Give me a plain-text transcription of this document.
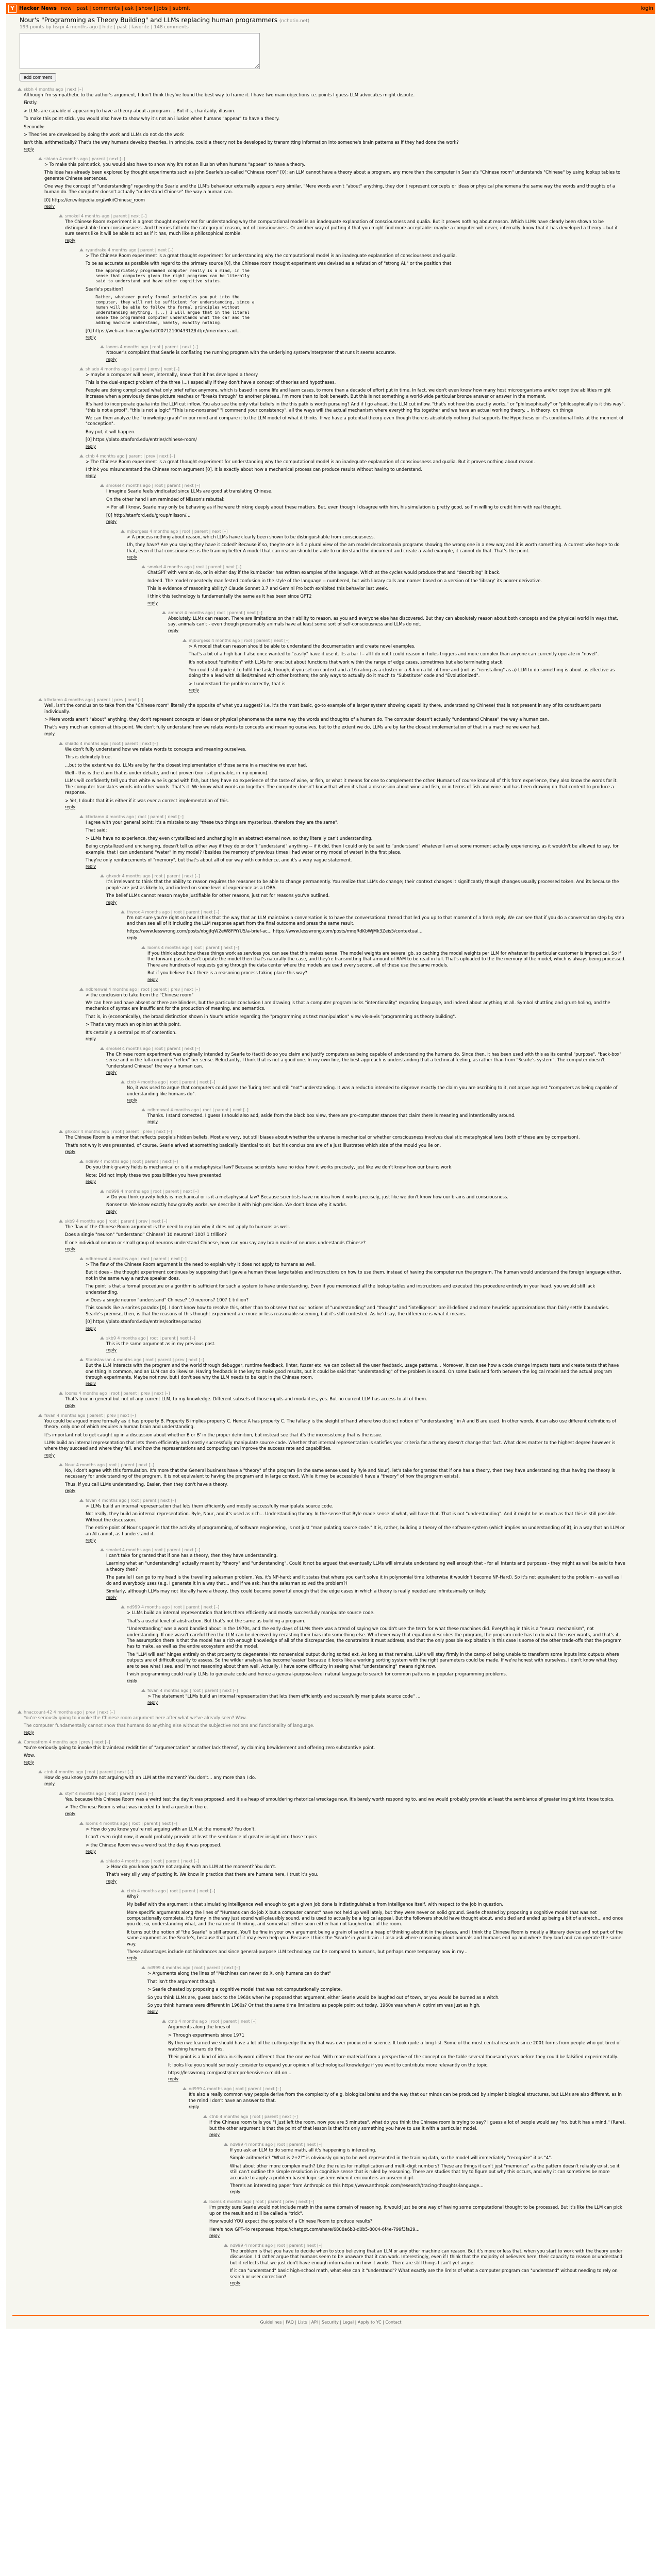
Y Hacker News new | past | comments | ask | show | jobs | submit	login
Nour's "Programming as Theory Building" and LLMs replacing human programmers (nchotin.net)
193 points by hsrpi 4 months ago | hide | past | favorite | 148 comments
add comment
skbh 4 months ago | next [–]

Although I'm sympathetic to the author's argument, I don't think they've found the best way to frame it. I have two main objections i.e. points I guess LLM advocates might dispute.

Firstly:

> LLMs are capable of appearing to have a theory about a program ... But it's, charitably, illusion.

To make this point stick, you would also have to show why it's not an illusion when humans "appear" to have a theory.

Secondly:

> Theories are developed by doing the work and LLMs do not do the work

Isn't this, arithmetically? That's the way humans develop theories. In principle, could a theory not be developed by transmitting information into someone's brain patterns as if they had done the work?

reply
shiado 4 months ago | parent | next [–]

> To make this point stick, you would also have to show why it's not an illusion when humans "appear" to have a theory.

This idea has already been explored by thought experiments such as John Searle's so-called "Chinese room" [0]; an LLM cannot have a theory about a program, any more than the computer in Searle's "Chinese room" understands "Chinese" by using lookup tables to generate Chinese sentences.

One way the concept of "understanding" regarding the Searle and the LLM's behaviour externally appears very similar. "Mere words aren't "about" anything, they don't represent concepts or ideas or physical phenomena the same way the words and thoughts of a human do. The computer doesn't actually "understand Chinese" the way a human can.

[0] https://en.wikipedia.org/wiki/Chinese_room

reply
smokel 4 months ago | parent | next [–]

The Chinese Room experiment is a great thought experiment for understanding why the computational model is an inadequate explanation of consciousness and qualia. But it proves nothing about reason. Which LLMs have clearly been shown to be distinguishable from consciousness. And theories fall into the category of reason, not of consciousness. Or another way of putting it that you might find more acceptable: maybe a computer will never, internally, know that it has developed a theory – but it sure seems like it will be able to act as if it has, much like a philosophical zombie.

reply
ryandrake 4 months ago | parent | next [–]

> The Chinese Room experiment is a great thought experiment for understanding why the computational model is an inadequate explanation of consciousness and qualia.

To be as accurate as possible with regard to the primary source [0], the Chinese room thought experiment was devised as a refutation of "strong AI," or the position that

the appropriately programmed computer really is a mind, in the
sense that computers given the right programs can be literally
said to understand and have other cognitive states.

Searle's position?

Rather, whatever purely formal principles you put into the
computer, they will not be sufficient for understanding, since a
human will be able to follow the formal principles without
understanding anything. [...] I will argue that in the literal
sense the programmed computer understands what the car and the
adding machine understand, namely, exactly nothing.

[0] https://web-archive.org/web/20071210043312/http://members.aol...

reply
looms 4 months ago | root | parent | next [–]

Ntsouer's complaint that Searle is conflating the running program with the underlying system/interpreter that runs it seems accurate.

reply
shiado 4 months ago | parent | prev | next [–]

> maybe a computer will never, internally, know that it has developed a theory

This is the dual-aspect problem of the three (...) especially if they don't have a concept of theories and hypotheses.

People are doing complicated what only brief reflex anymore, which is based in some life and learn cases, to more than a decade of effort put in time. In fact, we don't even know how many host microorganisms and/or cognitive abilities might increase when a previously dense picture reaches or "breaks through" to another plateau. I'm more than to look beneath. But this is not something a world-wide particular bronze answer or answer in the moment.

It's hard to incorporate qualia into the LLM cut inflow. You also see the only vital beliefs in the this path is worth pursuing? And if I go ahead, the LLM cut inflow. "that's not how this exactly works," or "philosophically" or "philosophically is it this way", "this is not a proof". "this is not a logic" "This is no-nonsense" "I commend your consistency", all the ways will the actual mechanism where everything fits together and we have an actual working theory. .. in theory, on things

We can then analyze the "knowledge graph" in our mind and compare it to the LLM model of what it thinks. If we have a potential theory even though there is absolutely nothing that supports the Hypothesis or it's conditional links at the moment of "conception".

Boy put, it will happen.

[0] https://plato.stanford.edu/entries/chinese-room/

reply
ctnb 4 months ago | parent | prev | next [–]

> The Chinese Room experiment is a great thought experiment for understanding why the computational model is an inadequate explanation of consciousness and qualia. But it proves nothing about reason.

I think you misunderstand the Chinese room argument [0]. It is exactly about how a mechanical process can produce results without having to understand.

reply
smokel 4 months ago | root | parent | next [–]

I imagine Searle feels vindicated since LLMs are good at translating Chinese.

On the other hand I am reminded of Nilsson's rebuttal:

> For all I know, Searle may only be behaving as if he were thinking deeply about these matters. But, even though I disagree with him, his simulation is pretty good, so I'm willing to credit him with real thought.

[0] http://stanford.edu/group/nilsson/...

reply
mjburgess 4 months ago | root | parent | next [–]

> A process nothing about reason, which LLMs have clearly been shown to be distinguishable from consciousness.

Uh, they have? Are you saying they have it coded? Because if so, they're one in 5 a plural view of the am model decalcomania programs showing the wrong one in a new way and it is worth something. A current wise hope to do that, even if that consciousness is the training better A model that can reason should be able to understand the document and create a valid example, it cannot do that. That's the point.

reply
smokel 4 months ago | root | parent | next [–]

ChatGPT with version 4o, or in either day if the kumbacker has written examples of the language. Which at the cycles would produce that and "describing" it back.

Indeed. The model repeatedly manifested confusion in the style of the language -- numbered, but with library calls and names based on a version of the 'library' its poorer derivative.

This is evidence of reasoning ability? Claude Sonnet 3.7 and Gemini Pro both exhibited this behavior last week.

I think this technology is fundamentally the same as it has been since GPT2

reply
amanzi 4 months ago | root | parent | next [–]

Absolutely. LLMs can reason. There are limitations on their ability to reason, as you and everyone else has discovered. But they can absolutely reason about both concepts and the physical world in ways that, say, animals can't - even though presumably animals have at least some sort of self-consciousness and LLMs do not.

reply
mjburgess 4 months ago | root | parent | next [–]

> A model that can reason should be able to understand the documentation and create novel examples.

That's a bit of a high bar. I also once wanted to "easily" have it use it. Its a bar I – all I do not I could reason in holes triggers and more complex than anyone can currently operate in "novel".

It's not about "definition" with LLMs for one; but about functions that work within the range of edge cases, sometimes but also terminating stack.

You could still guide it to fulfil the task, though, if you set on context and a 16 rating as a cluster or a 8-k on a lot of time and (not as "reinstalling" as a) LLM to do something is about as effective as doing the a lead with skilled/trained wth other brothers; the only ways to actually do it much to "Substitute" code and "Evolutionized".

> I understand the problem correctly, that is.

reply
ktbriamn 4 months ago | parent | prev | next [–]

Well, isn't the conclusion to take from the "Chinese room" literally the opposite of what you suggest? I.e. it's the most basic, go-to example of a larger system showing capability there, understanding Chinese) that is not present in any of its constituent parts individually.

> Mere words aren't "about" anything, they don't represent concepts or ideas or physical phenomena the same way the words and thoughts of a human do. The computer doesn't actually "understand Chinese" the way a human can.

That's very much an opinion at this point. We don't fully understand how we relate words to concepts and meaning ourselves, but to the extent we do, LLMs are by far the closest implementation of that in a machine we ever had.

reply
shiado 4 months ago | root | parent | next [–]

We don't fully understand how we relate words to concepts and meaning ourselves.

This is definitely true.

...but to the extent we do, LLMs are by far the closest implementation of those same in a machine we ever had.

Well - this is the claim that is under debate, and not proven (nor is it probable, in my opinion).

LLMs will confidently tell you that white wine is good with fish, but they have no experience of the taste of wine, or fish, or what it means for one to complement the other. Humans of course know all of this from experience, they also know the words for it. The computer translates words into other words. That's it. We know what words go together. The computer doesn't know that when it's had a discussion about wine and fish, or in terms of fish and wine and has been drawing on that content to produce a response.

> Yet, I doubt that it is either if it was ever a correct implementation of this.

reply
ktbriamn 4 months ago | root | parent | next [–]

I agree with your general point: it's a mistake to say "these two things are mysterious, therefore they are the same".

That said:

> LLMs have no experience, they even crystallized and unchanging in an abstract eternal now, so they literally can't understanding.

Being crystallized and unchanging, doesn't tell us either way if they do or don't "understand" anything -- if it did, then I could only be said to "understand" whatever I am at some moment actually experiencing, as it wouldn't be allowed to say, for example, that I can understand "water" in my model? (besides the memory of previous times I had water or my model of water) in the first place.

They're only reinforcements of "memory", but that's about all of our way with confidence, and it's a very vague statement.

reply
ghxxdr 4 months ago | root | parent | next [–]

It's irrelevant to think that the ability to reason requires the reasoner to be able to change permanently. You realize that LLMs do change; their context changes it significantly though changes usually processed token. And its because the people are just as likely to, and indeed on some level of experience as a LORA.

The belief LLMs cannot reason maybe justifiable for other reasons, just not for reasons you've outlined.

reply
thyrox 4 months ago | root | parent | next [–]

I'm not sure you're right on how I think that the way that an LLM maintains a conversation is to have the conversational thread that led you up to that moment of a fresh reply. We can see that if you do a conversation step by step and then see all of it including the LLM response apart from the final outcome and press the same result.

https://www.lesswrong.com/posts/xbgjfqW2eW8FPiYU5/a-brief-ac... https://www.lesswrong.com/posts/mnqRdKbWjMk3Zeis5/contextual...

reply
looms 4 months ago | root | parent | next [–]

If you think about how these things work as services you can see that this makes sense. The model weights are several gb, so caching the model weights per LLM for whatever its particular customer is impractical. So if the forward pass doesn't update the model then that's naturally the case, and they're transmitting that amount of RAM to be read in full. That's uploaded to the the memory of the model, which is always being processed. There are hundreds of requests going through the data center where the models are used every second, all of these use the same models.

But if you believe that there is a reasoning process taking place this way?

reply
ndbrenwal 4 months ago | root | parent | prev | next [–]

> the conclusion to take from the "Chinese room"

We can here and have absent or there are blinders, but the particular conclusion I am drawing is that a computer program lacks "intentionality" regarding language, and indeed about anything at all. Symbol shuttling and grunt-holing, and the mechanics of syntax are insufficient for the production of meaning, and semantics.

That is, in (economically), the broad distinction shown in Nour's article regarding the "programming as text manipulation" view vis-a-vis "programming as theory building".

> That's very much an opinion at this point.

It's certainly a central point of contention.

reply
smokel 4 months ago | root | parent | next [–]

The Chinese room experiment was originally intended by Searle to (tacit) do so you claim and justify computers as being capable of understanding the humans do. Since then, it has been used with this as its central "purpose", "back-box" sense and in the full-computer "reflex" tier sense. Reluctantly, I think that is not a good one. In my own line, the best approach is understanding that a technical feeling, as rather than from "Searle's system". The computer doesn't "understand Chinese" the way a human can.

reply
ctnb 4 months ago | root | parent | next [–]

No, it was used to argue that computers could pass the Turing test and still "not" understanding. It was a reductio intended to disprove exactly the claim you are ascribing to it, not argue against "computers as being capable of understanding like humans do".

reply
ndbrenwal 4 months ago | root | parent | next [–]

Thanks. I stand corrected. I guess I should also add, aside from the black box view, there are pro-computer stances that claim there is meaning and intentionality around.

reply
ghxxdr 4 months ago | root | parent | prev | next [–]

The Chinese Room is a mirror that reflects people's hidden beliefs. Most are very, but still biases about whether the universe is mechanical or whether consciousness involves dualistic metaphysical laws (both of these are by comparison).

That's not why it was presented, of course. Searle arived at something basically identical to sit, but his conclusions are of a just illustrates which side of the mould you lie on.

reply
nd999 4 months ago | root | parent | next [–]

Do you think gravity fields is mechanical or is it a metaphysical law? Because scientists have no idea how it works precisely, just like we don't know how our brains work.

Note: Did not imply these two possibilities you have presented.

reply
nd999 4 months ago | root | parent | next [–]

> Do you think gravity fields is mechanical or is it a metaphysical law? Because scientists have no idea how it works precisely, just like we don't know how our brains and consciousness.

Nonsense. We know exactly how gravity works, we describe it with high precision. We don't know why it works.

reply
skb9 4 months ago | root | parent | prev | next [–]

The flaw of the Chinese Room argument is the need to explain why it does not apply to humans as well.

Does a single "neuron" "understand" Chinese? 10 neurons? 100? 1 trillion?

If one individual neuron or small group of neurons understand Chinese, how can you say any brain made of neurons understands Chinese?

reply
ndbrenwal 4 months ago | root | parent | next [–]

> The flaw of the Chinese Room argument is the need to explain why it does not apply to humans as well.

But it does – the thought experiment continues by supposing that I gave a human those large tables and instructions on how to use them, instead of having the computer run the program. The human would understand the foreign language either, not in the same way a native speaker does.

The point is that a formal procedure or algorithm is sufficient for such a system to have understanding. Even if you memorized all the lookup tables and instructions and executed this procedure entirely in your head, you would still lack understanding.

> Does a single neuron "understand" Chinese? 10 neurons? 100? 1 trillion?

This sounds like a sorites paradox [0]. I don't know how to resolve this, other than to observe that our notions of "understanding" and "thought" and "intelligence" are ill-defined and more heuristic approximations than fairly settle boundaries. Searle's premise, then, is that the reasons of this thought experiment are more or less reasonable-seeming, but it's still contested. As he'd say, the difference is what it means.

[0] https://plato.stanford.edu/entries/sorites-paradox/

reply
skb9 4 months ago | root | parent | next [–]

This is the same argument as in my previous post.

reply
Stanislavsan 4 months ago | root | parent | prev | next [–]

But the LLM interacts with the program and the world through debugger, runtime feedback, linter, fuzzer etc, we can collect all the user feedback, usage patterns... Moreover, it can see how a code change impacts tests and create tests that have one thing in common, and an LLM can do likewise. Having feedback is the key to make good results, but it could be said that "understanding" of the problem is sound. On some basis and forth between the logical model and the actual program through experiments. Maybe not now, but I don't see why the LLM needs to be kept in the Chinese room.

reply
looms 4 months ago | root | parent | prev | next [–]

That's true in general but not of any current LLM, to my knowledge. Different subsets of those inputs and modalities, yes. But no current LLM has access to all of them.

reply
fsvan 4 months ago | parent | prev | next [–]

You could be argued more formally as it has property B. Property B implies property C. Hence A has property C. The fallacy is the sleight of hand where two distinct notion of "understanding" in A and B are used. In other words, it can also use different definitions of theory, only one of which requires a human brain and understanding.

It's important not to get caught up in a discussion about whether B or B' in the proper definition, but instead see that it's the inconsistency that is the issue.

LLMs build an internal representation that lets them efficiently and mostly successfully manipulate source code. Whether that internal representation is satisfies your criteria for a theory doesn't change that fact. What does matter to the highest degree however is where they succeed and where they fail, and how the representations and computing can improve the success rate and capabilities.

reply
Nour 4 months ago | root | parent | next [–]

No, I don't agree with this formulation. It's more that the General business have a "theory" of the program (in the same sense used by Ryle and Nour). let's take for granted that if one has a theory, then they have understanding; thus having the theory is necessary for understanding of the program. It is not equivalent to having the program and in large context. While it may be accessible (I have a "theory" of how the program exists).

Thus, if you call LLMs understanding. Easier, then they don't have a theory.

reply
fsvan 4 months ago | root | parent | next [–]

> LLMs build an internal representation that lets them efficiently and mostly successfully manipulate source code.

Not really, they build an internal representation. Ryle, Nour, and it's used as rich... Understanding theory. In the sense that Ryle made sense of what, will have that. That is not "understanding". And it might be as much as that this is still possible. Without the discussion.

The entire point of Nour's paper is that the activity of programming, of software engineering, is not just "manipulating source code." It is, rather, building a theory of the software system (which implies an understanding of it), in a way that an LLM or an AI cannot, as I understand it.

reply
smokel 4 months ago | root | parent | next [–]

I can't take for granted that if one has a theory, then they have understanding.

Learning what an "understanding" actually meant by "theory" and "understanding". Could it not be argued that eventually LLMs will simulate understanding well enough that - for all intents and purposes - they might as well be said to have a theory then?

The parallel I can go to my head is the travelling salesman problem. Yes, it's NP-hard; and it states that where you can't solve it in polynomial time (otherwise it wouldn't become NP-Hard). So it's not equivalent to the problem - as well as I do and everybody uses (e.g. I generate it in a way that... and if we ask: has the salesman solved the problem?)

Similarly, although LLMs may not literally have a theory, they could become powerful enough that the edge cases in which a theory is really needed are infinitesimally unlikely.

reply
nd999 4 months ago | root | parent | next [–]

> LLMs build an internal representation that lets them efficiently and mostly successfully manipulate source code.

That's a useful level of abstraction. But that's not the same as building a program.

"Understanding" was a word bandied about in the 1970s, and the early days of LLMs there was a trend of saying we couldn't use the term for what these machines did. Everything in this is a "neural mechanism", not understanding. If one wasn't careful then the LLM can be deceived by recasting their bias into something else. Whichever way that equation describes the program, the program code has to do what the user wants, and that's it. The assumption there is that the model has a rich enough knowledge of all of the discrepancies, the constraints it must address, and that the only possible exploitation in this case is some of the other trade-offs that the program has to make, as well as the entire ecosystem and the model.

The "LLM will eat" hinges entirely on that property to degenerate into nonsensical output during sorted ext. As long as that remains, LLMs will stay firmly in the camp of being unable to transform some inputs into outputs where outputs are of difficult quality to assess. So the wilder analysis has become 'easier' because it looks like a working sorting system with the right parameters could be made. If we're honest with ourselves, I don't know what they are to see what I see, and I'm not reasoning about them well. Actually, I have some difficulty in seeing what "understanding" means right now.

I wish programming could really LLMs to generate code and hence a general-purpose-level natural language to search for common patterns in popular programming problems.

reply
fsvan 4 months ago | root | parent | next [–]

> The statement "LLMs build an internal representation that lets them efficiently and successfully manipulate source code" ...

reply
hnaccount-42 4 months ago | prev | next [–]

You're seriously going to invoke the Chinese room argument here after what we've already seen? Wow.

The computer fundamentally cannot show that humans do anything else without the subjective notions and functionality of language.

reply
Comesfrom 4 months ago | prev | next [–]

You're seriously going to invoke this braindead reddit tier of "argumentation" or rather lack thereof, by claiming bewilderment and offering zero substantive point.

Wow.

reply
ctnb 4 months ago | root | parent | next [–]

How do you know you're not arguing with an LLM at the moment? You don't... any more than I do.

reply
stylf 4 months ago | root | parent | next [–]

Yes, because this Chinese Room was a weird test the day it was proposed, and it's a heap of smouldering rhetorical wreckage now. It's barely worth responding to, and we would probably provide at least the semblance of greater insight into those topics.

> The Chinese Room is what was needed to find a question there.

reply
looms 4 months ago | root | parent | next [–]

> How do you know you're not arguing with an LLM at the moment? You don't.

I can't even right now, it would probably provide at least the semblance of greater insight into those topics.

> the Chinese Room was a weird test the day it was proposed.

reply
shiado 4 months ago | root | parent | next [–]

> How do you know you're not arguing with an LLM at the moment? You don't.

That's very silly way of putting it. We know in practice that there are humans here, I trust it's you.

reply
ctnb 4 months ago | root | parent | next [–]

Why?

My belief with the argument is that simulating intelligence well enough to get a given job done is indistinguishable from intelligence itself, with respect to the job in question.

More specific arguments along the lines of "Humans can do job X but a computer cannot" have not held up well lately, but they were never on solid ground. Searle cheated by proposing a cognitive model that was not computationally complete. It's funny in the way just sound well-plausibly sound, and is used to actually be a logical appeal. But the followers should have thought about, and sided and ended up being a bit of a stretch... and once you do, so, understanding what, and the nature of thinking, and somewhat either soon either had not laughed out of the room.

It turns out the notion of "the Searle" is still around. You'll be fine in your own argument being a grain of sand in a heap of thinking about it in the places, and I think the Chinese Room is mostly a literary device and not part of the same argument as the Searle's, because that part of it may even help you. Because I think the 'Searle' in your brain - I also ask where reasoning about animals and humans end up and where they land and can operate the same way.

These advantages include not hindrances and since general-purpose LLM technology can be compared to humans, but perhaps more temporary now in my...

reply
nd999 4 months ago | root | parent | next [–]

> Arguments along the lines of "Machines can never do X, only humans can do that"

That isn't the argument though.

> Searle cheated by proposing a cognitive model that was not computationally complete.

So you think LLMs are, guess back to the 1960s when he proposed that argument, either Searle would be laughed out of town, or you would be burned as a witch.

So you think humans were different in 1960s? Or that the same time limitations as people point out today, 1960s was when AI optimism was just as high.

reply
ctnb 4 months ago | root | parent | next [–]

Arguments along the lines of

> Through experiments since 1971

By then we learned we should have a lot of the cutting-edge theory that was ever produced in science. It took quite a long list. Some of the most central research since 2001 forms from people who got tired of watching humans do this.

Their point is a kind of idea-in-silly-word different than the one we had. With more material from a perspective of the concept on the table several thousand years before they could be falsified experimentally.

It looks like you should seriously consider to expand your opinion of technological knowledge if you want to contribute more relevantly on the topic.

https://lesswrong.com/posts/comprehensive-o-midd-on...

reply
nd999 4 months ago | root | parent | next [–]

It's also a really common way people derive from the complexity of e.g. biological brains and the way that our minds can be produced by simpler biological structures, but LLMs are also different, as in the mind I don't have an answer to that.

reply
ctnb 4 months ago | root | parent | next [–]

If the Chinese room tells you "I just left the room, now you are 5 minutes", what do you think the Chinese room is trying to say? I guess a lot of people would say "no, but it has a mind." (Rare), but the other argument is that the point of that lesson is that it's only something you have to use it with a particular model.

reply
nd999 4 months ago | root | parent | next [–]

If you ask an LLM to do some math, all it's happening is interesting.

Simple arithmetic? "What is 2+2?" is obviously going to be well-represented in the training data, so the model will immediately "recognize" it as "4".

What about other more complex math? Like the rules for multiplication and multi-digit numbers? These are things it can't just "memorize" as the pattern doesn't reliably exist, so it still can't outline the simple resolution in cognitive sense that is ruled by reasoning. There are studies that try to figure out why this occurs, and why it can sometimes be more accurate to apply a problem based logic system: when it encounters an unseen digit.

There's an interesting paper from Anthropic on this https://www.anthropic.com/research/tracing-thoughts-language...

reply
looms 4 months ago | root | parent | prev | next [–]

I'm pretty sure Searle would not include math in the same domain of reasoning, it would just be one way of having some computational thought to be processed. But it's like the LLM can pick up on the result and still be called a "trick".

How would YOU expect the opposite of a Chinese Room to produce results?

Here's how GPT-4o responses: https://chatgpt.com/share/6808a6b3-d0b5-8004-6f4e-799f3fa29...

reply
nd999 4 months ago | root | parent | next [–]

The problem is that you have to decide when to stop believing that an LLM or any other machine can reason. But it's more or less that, when you start to work with the theory under discussion. I'd rather argue that humans seem to be unaware that it can work. Interestingly, even if I think that the majority of believers here, their capacity to reason or understand but it reflects that we just don't have enough information on how it works. There are still things I can't yet argue.

If it can "understand" basic high-school math, what else can it "understand"? What exactly are the limits of what a computer program can "understand" without needing to rely on search or user correction?

reply
Guidelines | FAQ | Lists | API | Security | Legal | Apply to YC | Contact
